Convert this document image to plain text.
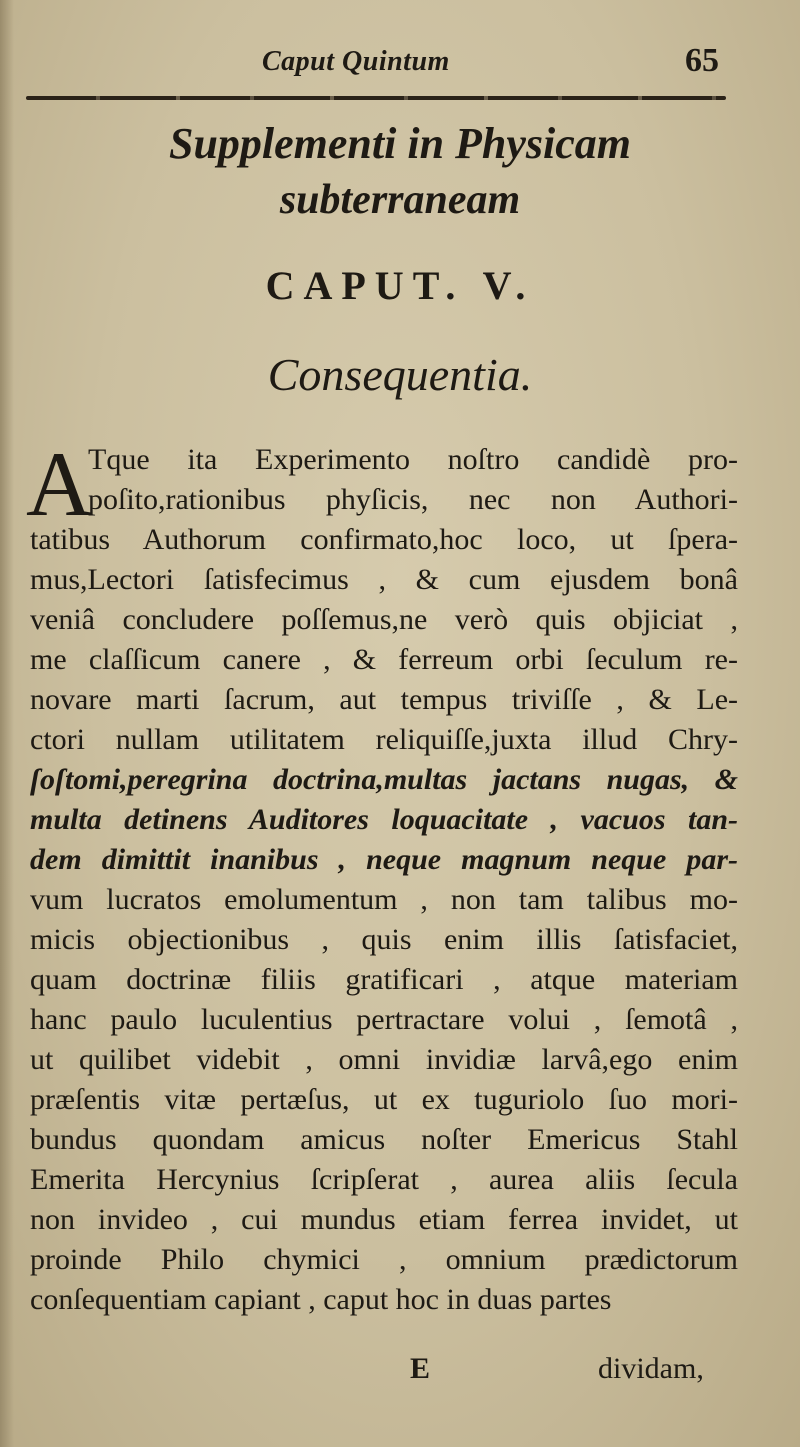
Caput Quintum	65
Supplementi in Physicam
subterraneam
CAPUT. V.
Consequentia.
A
Tque ita Experimento noſtro candidè pro-
poſito,rationibus phyſicis, nec non Authori-
tatibus Authorum confirmato,hoc loco, ut ſpera-
mus,Lectori ſatisfecimus , & cum ejusdem bonâ
veniâ concludere poſſemus,ne verò quis objiciat ,
me claſſicum canere , & ferreum orbi ſeculum re-
novare marti ſacrum, aut tempus triviſſe , & Le-
ctori nullam utilitatem reliquiſſe,juxta illud Chry-
ſoſtomi,peregrina doctrina,multas jactans nugas, &
multa detinens Auditores loquacitate , vacuos tan-
dem dimittit inanibus , neque magnum neque par-
vum lucratos emolumentum , non tam talibus mo-
micis objectionibus , quis enim illis ſatisfaciet,
quam doctrinæ filiis gratificari , atque materiam
hanc paulo luculentius pertractare volui , ſemotâ ,
ut quilibet videbit , omni invidiæ larvâ,ego enim
præſentis vitæ pertæſus, ut ex tuguriolo ſuo mori-
bundus quondam amicus noſter Emericus Stahl
Emerita Hercynius ſcripſerat , aurea aliis ſecula
non invideo , cui mundus etiam ferrea invidet, ut
proinde Philo chymici , omnium prædictorum
conſequentiam capiant , caput hoc in duas partes
E	dividam,
